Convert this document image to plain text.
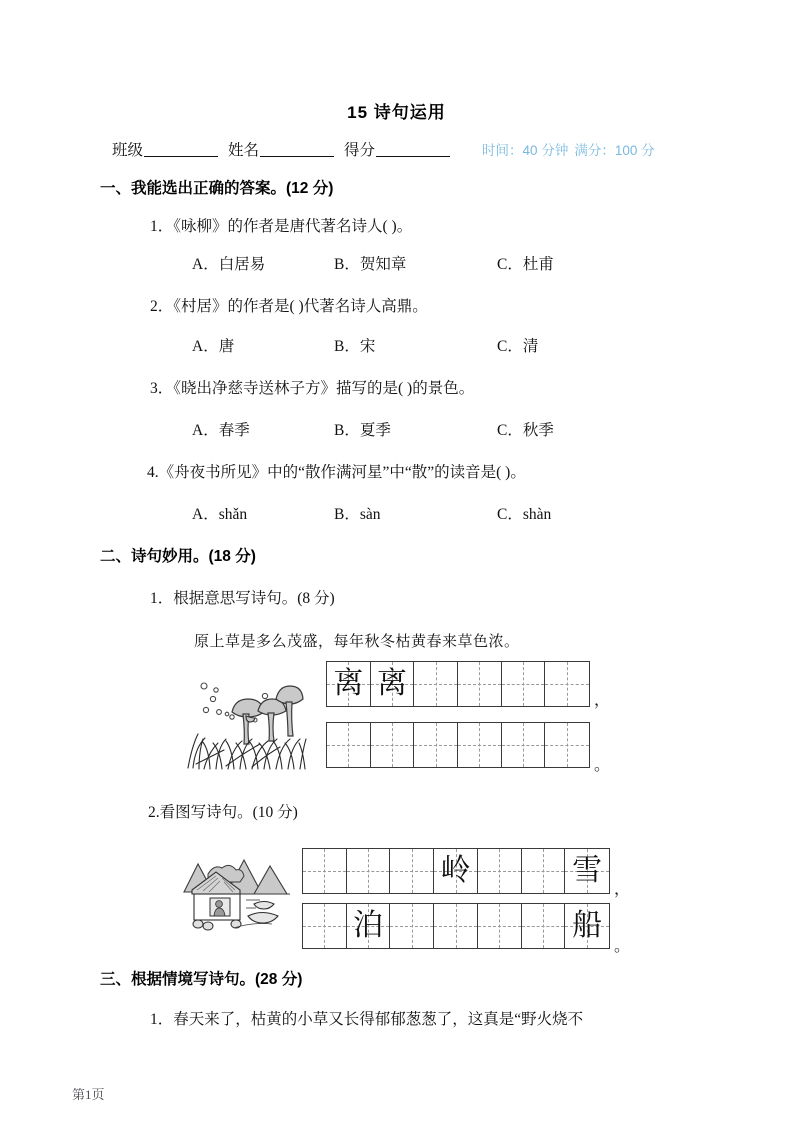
15 诗句运用
班级	姓名	得分	时间：40 分钟 满分：100 分
一、我能选出正确的答案。(12 分)
1．《咏柳》的作者是唐代著名诗人( )。
A．白居易	B．贺知章	C．杜甫
2．《村居》的作者是( )代著名诗人高鼎。
A．唐	B．宋	C．清
3．《晓出净慈寺送林子方》描写的是( )的景色。
A．春季	B．夏季	C．秋季
4.《舟夜书所见》中的“散作满河星”中“散”的读音是( )。
A．shǎn	B．sàn	C．shàn
二、诗句妙用。(18 分)
1．根据意思写诗句。(8 分)
原上草是多么茂盛，每年秋冬枯黄春来草色浓。
离 离
，
。
2.看图写诗句。(10 分)
岭	雪
，
泊	船
。
三、根据情境写诗句。(28 分)
1．春天来了，枯黄的小草又长得郁郁葱葱了，这真是“野火烧不
第1页
